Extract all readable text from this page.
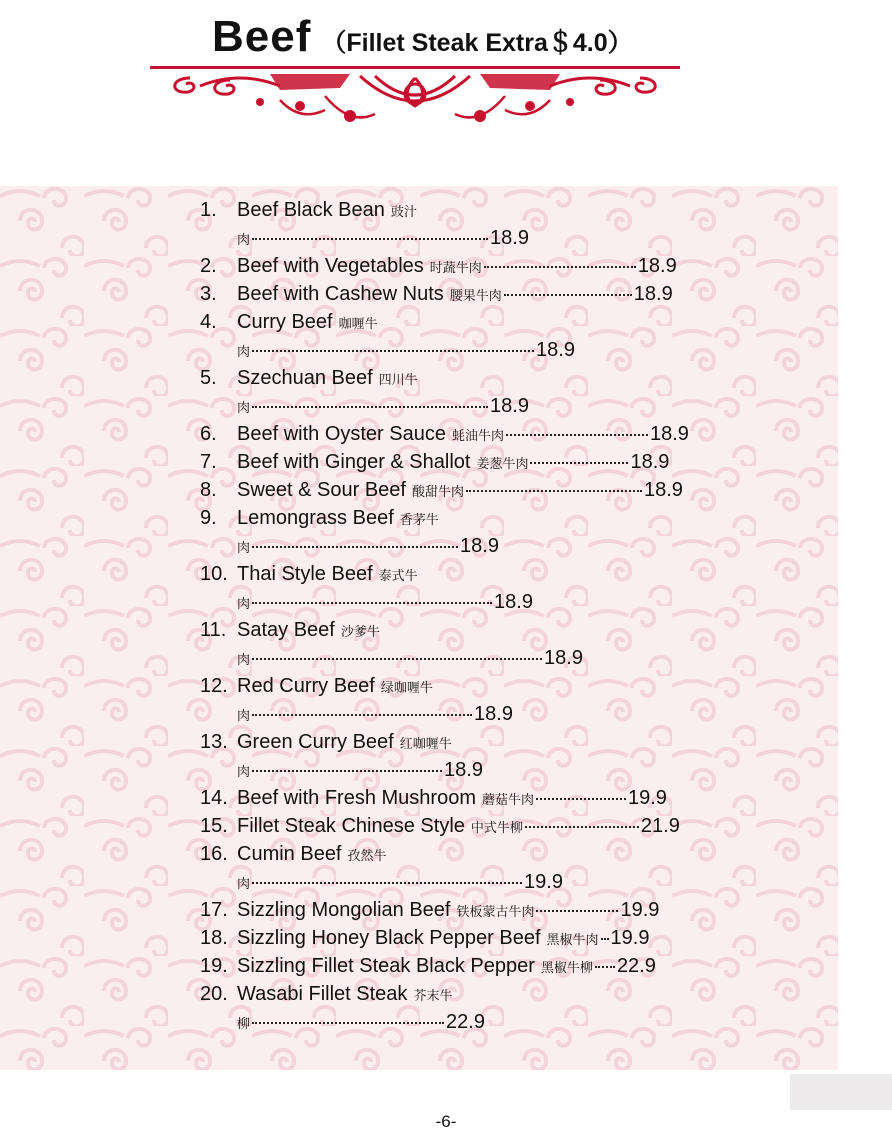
Beef （Fillet Steak Extra＄4.0）
1.	Beef Black Bean 豉汁
肉	18.9
2.	Beef with Vegetables 时蔬牛肉	18.9
3.	Beef with Cashew Nuts 腰果牛肉	18.9
4.	Curry Beef 咖喱牛
肉	18.9
5.	Szechuan Beef 四川牛
肉	18.9
6.	Beef with Oyster Sauce 蚝油牛肉	18.9
7.	Beef with Ginger & Shallot 姜葱牛肉	18.9
8.	Sweet & Sour Beef 酸甜牛肉	18.9
9.	Lemongrass Beef 香茅牛
肉	18.9
10. Thai Style Beef 泰式牛
肉	18.9
11. Satay Beef 沙爹牛
肉	18.9
12. Red Curry Beef 绿咖喱牛
肉	18.9
13. Green Curry Beef 红咖喱牛
肉	18.9
14. Beef with Fresh Mushroom 蘑菇牛肉	19.9
15. Fillet Steak Chinese Style 中式牛柳	21.9
16. Cumin Beef 孜然牛
肉	19.9
17. Sizzling Mongolian Beef 铁板蒙古牛肉	19.9
18. Sizzling Honey Black Pepper Beef 黑椒牛肉 19.9
19. Sizzling Fillet Steak Black Pepper 黑椒牛柳 22.9
20. Wasabi Fillet Steak 芥末牛
柳	22.9
-6-
